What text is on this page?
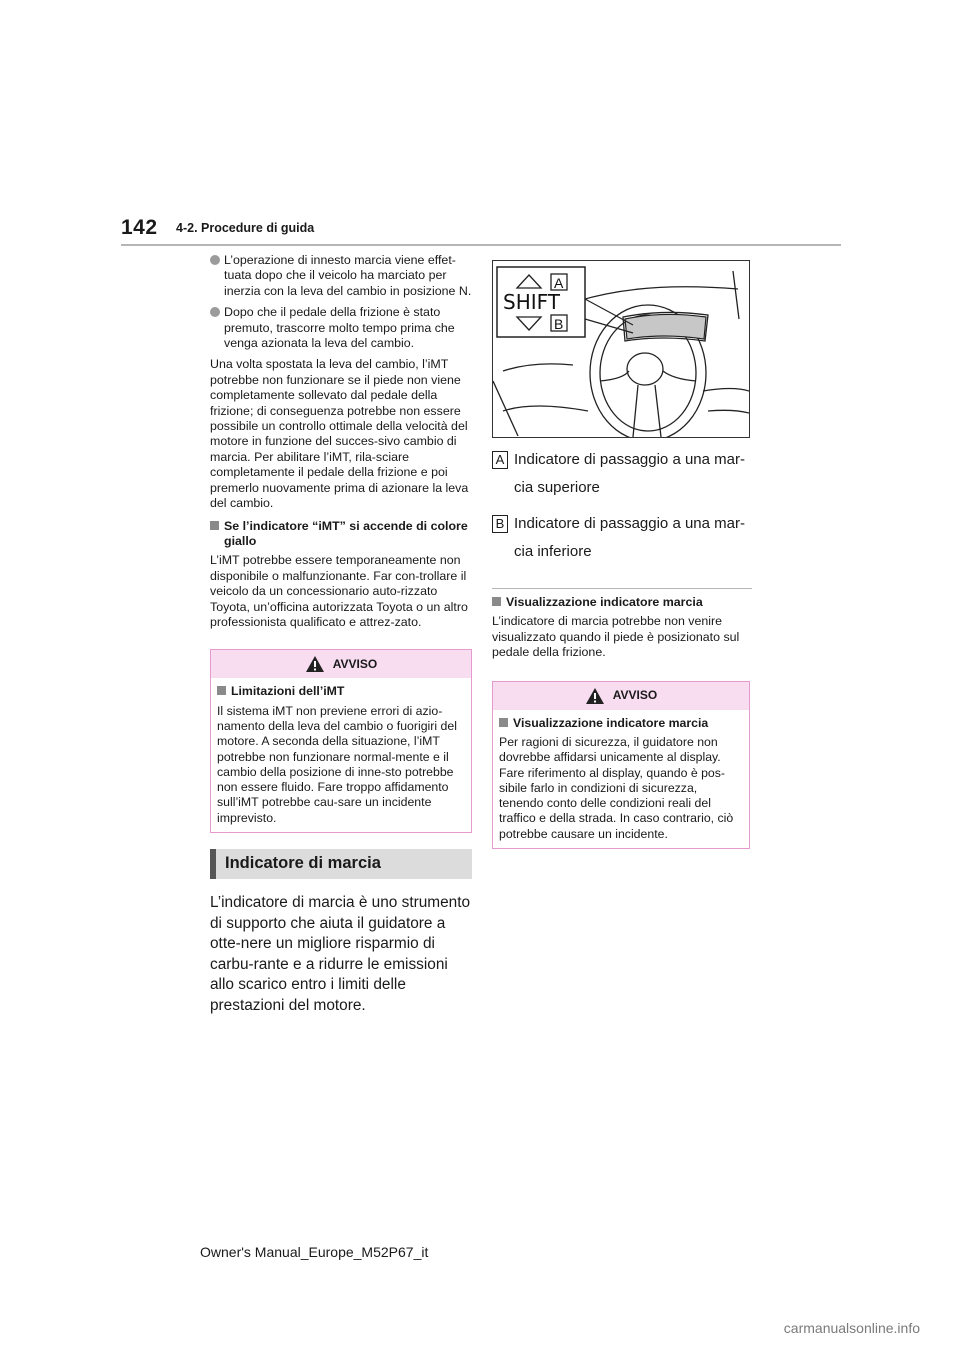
142 4-2. Procedure di guida
L’operazione di innesto marcia viene effet-tuata dopo che il veicolo ha marciato per inerzia con la leva del cambio in posizione N.
Dopo che il pedale della frizione è stato premuto, trascorre molto tempo prima che venga azionata la leva del cambio.

Una volta spostata la leva del cambio, l’iMT potrebbe non funzionare se il piede non viene completamente sollevato dal pedale della frizione; di conseguenza potrebbe non essere possibile un controllo ottimale della velocità del motore in funzione del succes-sivo cambio di marcia. Per abilitare l’iMT, rila-sciare completamente il pedale della frizione e poi premerlo nuovamente prima di azionare la leva del cambio.

Se l’indicatore “iMT” si accende di colore giallo

L’iMT potrebbe essere temporaneamente non disponibile o malfunzionante. Far con-trollare il veicolo da un concessionario auto-rizzato Toyota, un’officina autorizzata Toyota o un altro professionista qualificato e attrez-zato.

AVVISO
Limitazioni dell’iMT
Il sistema iMT non previene errori di azio-namento della leva del cambio o fuorigiri del motore. A seconda della situazione, l’iMT potrebbe non funzionare normal-mente e il cambio della posizione di inne-sto potrebbe non essere fluido. Fare troppo affidamento sull’iMT potrebbe cau-sare un incidente imprevisto.
Indicatore di marcia
L’indicatore di marcia è uno strumento di supporto che aiuta il guidatore a otte-nere un migliore risparmio di carbu-rante e a ridurre le emissioni allo scarico entro i limiti delle prestazioni del motore.
SHIFT
A
B
A Indicatore di passaggio a una mar-cia superiore

B Indicatore di passaggio a una mar-cia inferiore

Visualizzazione indicatore marcia

L’indicatore di marcia potrebbe non venire visualizzato quando il piede è posizionato sul pedale della frizione.

AVVISO
Visualizzazione indicatore marcia
Per ragioni di sicurezza, il guidatore non dovrebbe affidarsi unicamente al display. Fare riferimento al display, quando è pos-sibile farlo in condizioni di sicurezza, tenendo conto delle condizioni reali del traffico e della strada. In caso contrario, ciò potrebbe causare un incidente.
Owner's Manual_Europe_M52P67_it
carmanualsonline.info
